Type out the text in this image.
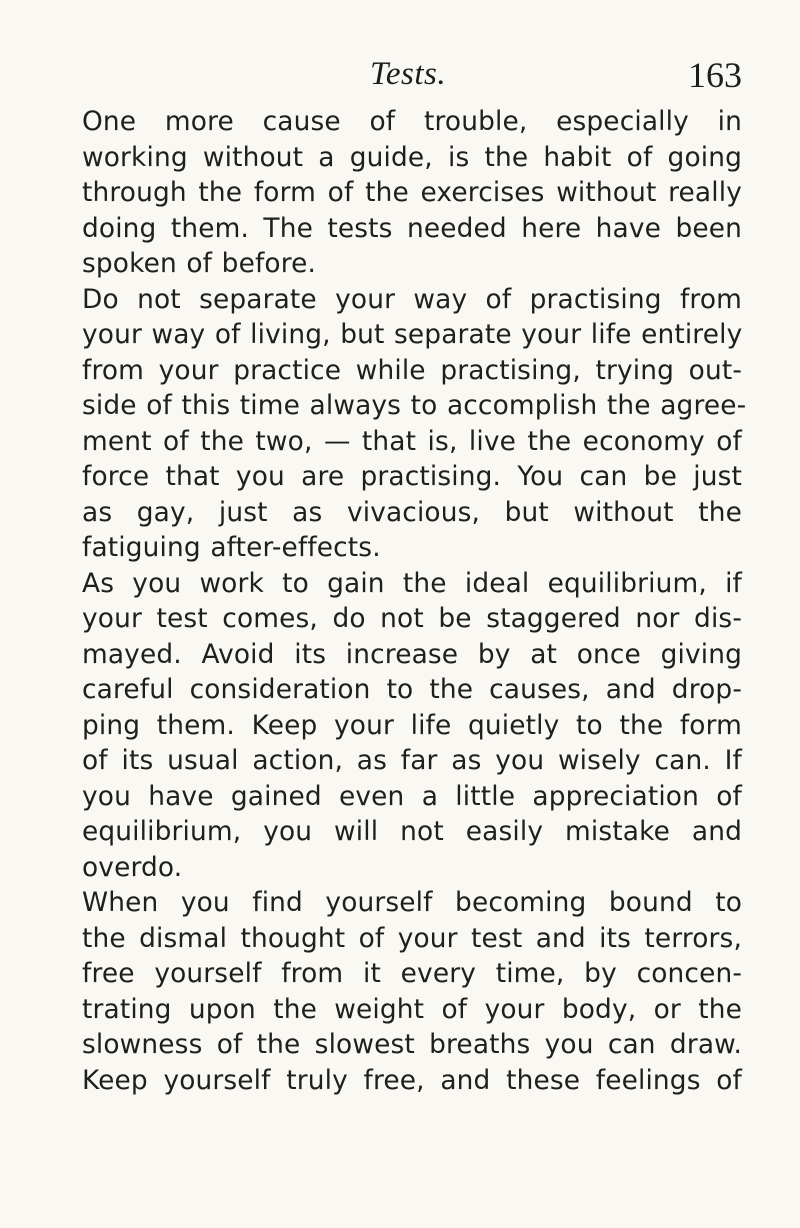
Tests.	163
One more cause of trouble, especially in
working without a guide, is the habit of going
through the form of the exercises without really
doing them. The tests needed here have been
spoken of before.
Do not separate your way of practising from
your way of living, but separate your life entirely
from your practice while practising, trying out-
side of this time always to accomplish the agree-
ment of the two, — that is, live the economy of
force that you are practising. You can be just
as gay, just as vivacious, but without the
fatiguing after-effects.
As you work to gain the ideal equilibrium, if
your test comes, do not be staggered nor dis-
mayed. Avoid its increase by at once giving
careful consideration to the causes, and drop-
ping them. Keep your life quietly to the form
of its usual action, as far as you wisely can. If
you have gained even a little appreciation of
equilibrium, you will not easily mistake and
overdo.
When you find yourself becoming bound to
the dismal thought of your test and its terrors,
free yourself from it every time, by concen-
trating upon the weight of your body, or the
slowness of the slowest breaths you can draw.
Keep yourself truly free, and these feelings of
